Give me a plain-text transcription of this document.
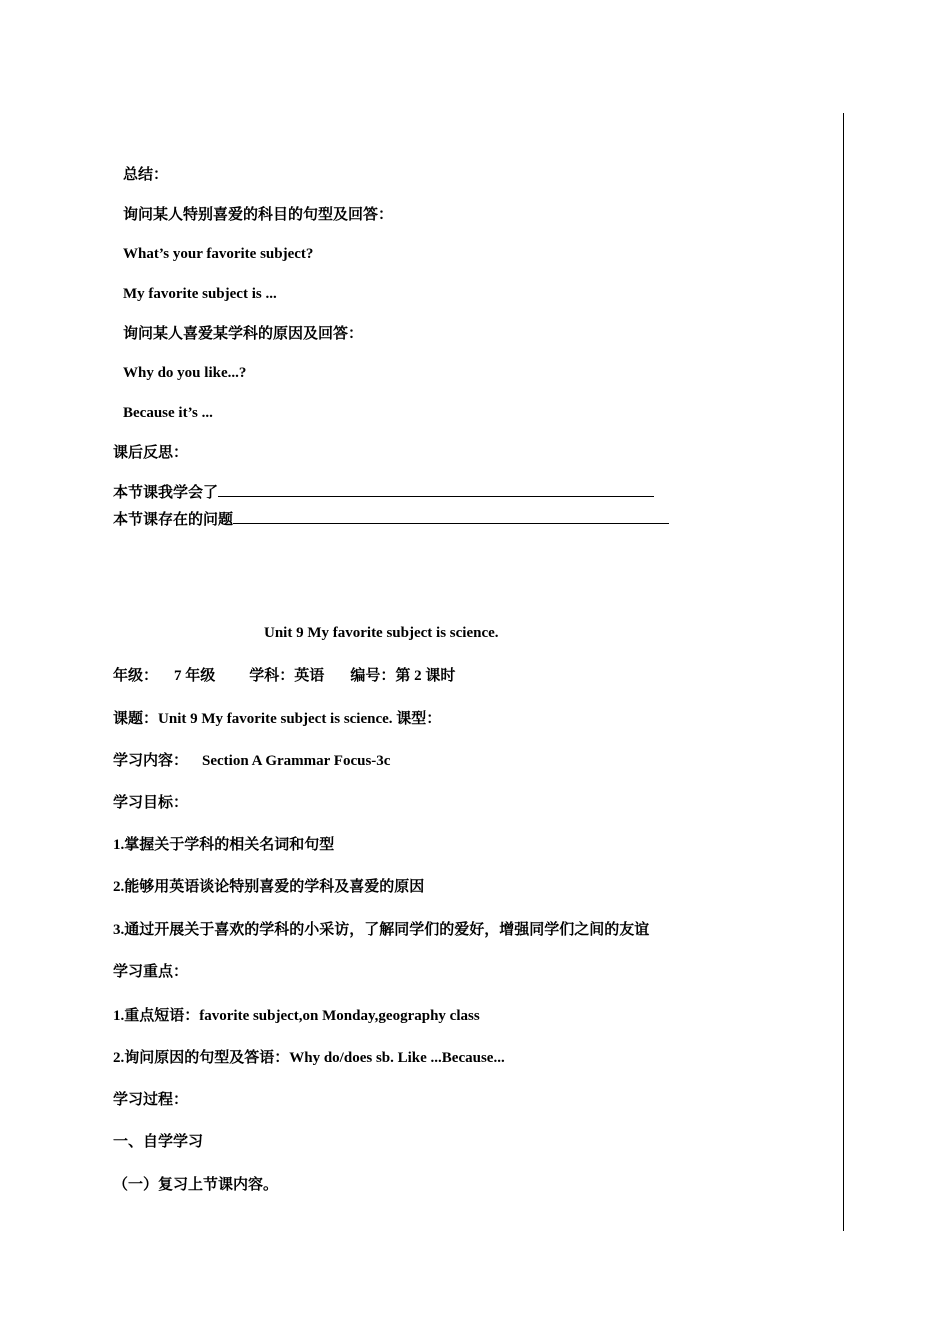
总结：
询问某人特别喜爱的科目的句型及回答：
What’s your favorite subject?
My favorite subject is ...
询问某人喜爱某学科的原因及回答：
Why do you like...?
Because it’s ...
课后反思：
本节课我学会了
本节课存在的问题
Unit 9 My favorite subject is science.
年级： 7 年级 学科：英语 编号：第 2 课时
课题：Unit 9 My favorite subject is science. 课型：
学习内容： Section A Grammar Focus-3c
学习目标：
1.掌握关于学科的相关名词和句型
2.能够用英语谈论特别喜爱的学科及喜爱的原因
3.通过开展关于喜欢的学科的小采访，了解同学们的爱好，增强同学们之间的友谊
学习重点：
1.重点短语：favorite subject,on Monday,geography class
2.询问原因的句型及答语：Why do/does sb. Like ...Because...
学习过程：
一、自学学习
（一）复习上节课内容。
